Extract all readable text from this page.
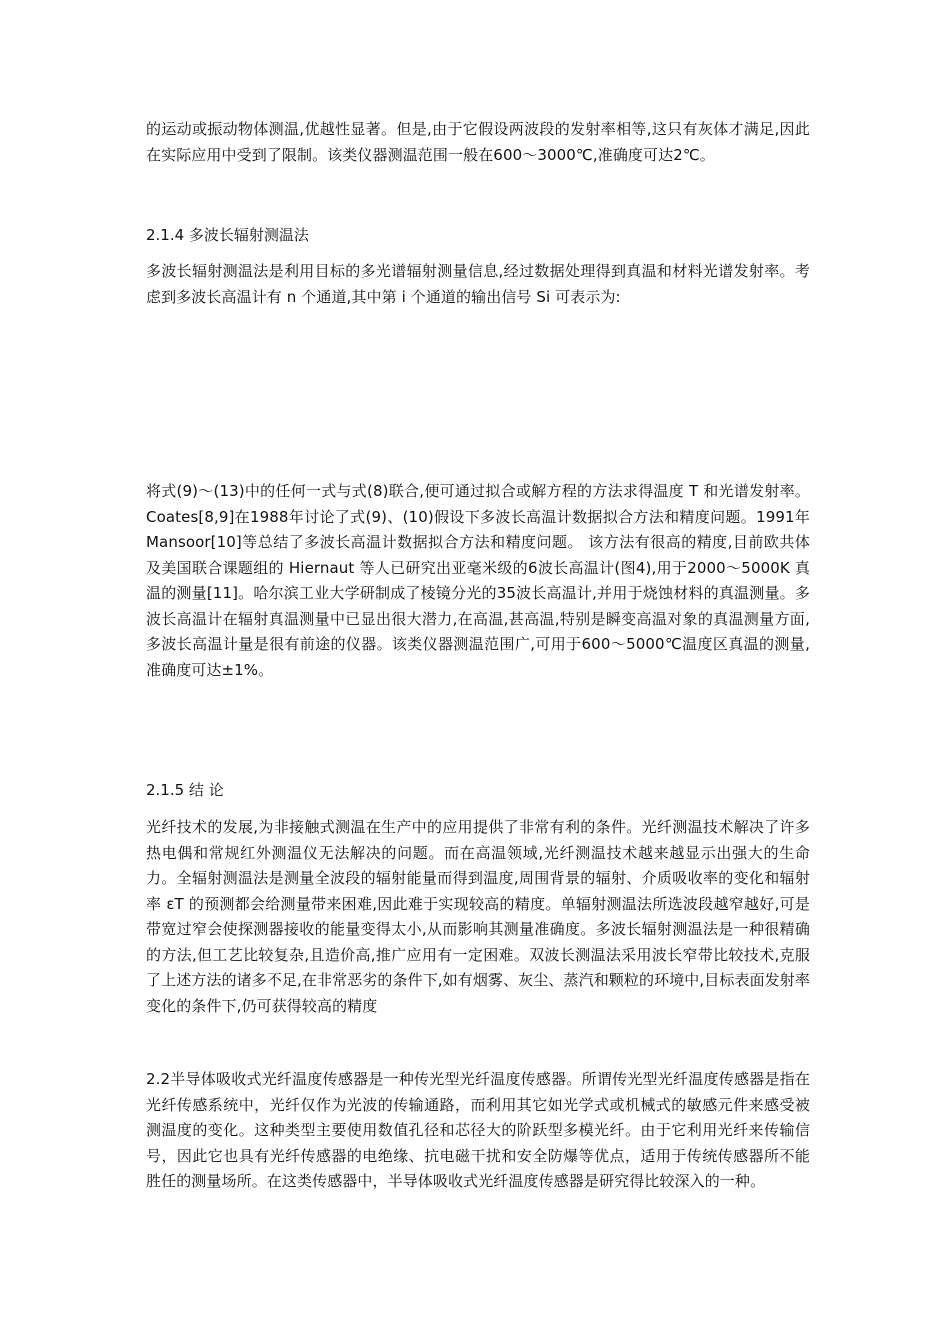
的运动或振动物体测温,优越性显著。但是,由于它假设两波段的发射率相等,这只有灰体才满足,因此在实际应用中受到了限制。该类仪器测温范围一般在600～3000℃,准确度可达2℃。

2.1.4 多波长辐射测温法

多波长辐射测温法是利用目标的多光谱辐射测量信息,经过数据处理得到真温和材料光谱发射率。考虑到多波长高温计有 n 个通道,其中第 i 个通道的输出信号 Si 可表示为:

将式(9)～(13)中的任何一式与式(8)联合,便可通过拟合或解方程的方法求得温度 T 和光谱发射率。Coates[8,9]在1988年讨论了式(9)、(10)假设下多波长高温计数据拟合方法和精度问题。1991年 Mansoor[10]等总结了多波长高温计数据拟合方法和精度问题。 该方法有很高的精度,目前欧共体及美国联合课题组的 Hiernaut 等人已研究出亚毫米级的6波长高温计(图4),用于2000～5000K 真温的测量[11]。哈尔滨工业大学研制成了棱镜分光的35波长高温计,并用于烧蚀材料的真温测量。多波长高温计在辐射真温测量中已显出很大潜力,在高温,甚高温,特别是瞬变高温对象的真温测量方面,多波长高温计量是很有前途的仪器。该类仪器测温范围广,可用于600～5000℃温度区真温的测量,准确度可达±1%。

2.1.5 结 论

光纤技术的发展,为非接触式测温在生产中的应用提供了非常有利的条件。光纤测温技术解决了许多热电偶和常规红外测温仪无法解决的问题。而在高温领域,光纤测温技术越来越显示出强大的生命力。全辐射测温法是测量全波段的辐射能量而得到温度,周围背景的辐射、介质吸收率的变化和辐射率 εT 的预测都会给测量带来困难,因此难于实现较高的精度。单辐射测温法所选波段越窄越好,可是带宽过窄会使探测器接收的能量变得太小,从而影响其测量准确度。多波长辐射测温法是一种很精确的方法,但工艺比较复杂,且造价高,推广应用有一定困难。双波长测温法采用波长窄带比较技术,克服了上述方法的诸多不足,在非常恶劣的条件下,如有烟雾、灰尘、蒸汽和颗粒的环境中,目标表面发射率变化的条件下,仍可获得较高的精度

2.2半导体吸收式光纤温度传感器是一种传光型光纤温度传感器。所谓传光型光纤温度传感器是指在光纤传感系统中，光纤仅作为光波的传输通路，而利用其它如光学式或机械式的敏感元件来感受被测温度的变化。这种类型主要使用数值孔径和芯径大的阶跃型多模光纤。由于它利用光纤来传输信号，因此它也具有光纤传感器的电绝缘、抗电磁干扰和安全防爆等优点，适用于传统传感器所不能胜任的测量场所。在这类传感器中，半导体吸收式光纤温度传感器是研究得比较深入的一种。
